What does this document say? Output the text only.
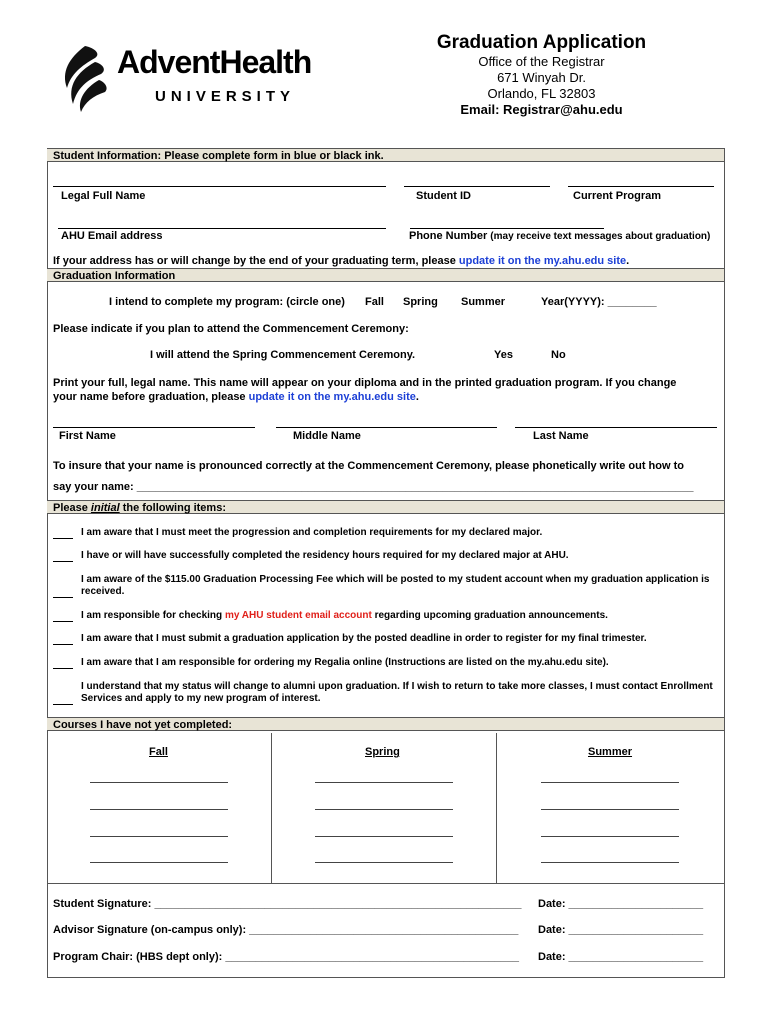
AdventHealth
UNIVERSITY
Graduation Application
Office of the Registrar
671 Winyah Dr.
Orlando, FL 32803
Email: Registrar@ahu.edu
Student Information: Please complete form in blue or black ink.
Legal Full Name	Student ID	Current Program
AHU Email address	Phone Number (may receive text messages about graduation)
If your address has or will change by the end of your graduating term, please update it on the my.ahu.edu site.
Graduation Information
I intend to complete my program: (circle one) Fall Spring Summer	Year(YYYY): ________
Please indicate if you plan to attend the Commencement Ceremony:
I will attend the Spring Commencement Ceremony.	Yes	No
Print your full, legal name. This name will appear on your diploma and in the printed graduation program. If you change
your name before graduation, please update it on the my.ahu.edu site.
First Name	Middle Name	Last Name
To insure that your name is pronounced correctly at the Commencement Ceremony, please phonetically write out how to
say your name: ___________________________________________________________________________________________
Please initial the following items:
I am aware that I must meet the progression and completion requirements for my declared major.
I have or will have successfully completed the residency hours required for my declared major at AHU.
I am aware of the $115.00 Graduation Processing Fee which will be posted to my student account when my graduation application is received.
I am responsible for checking my AHU student email account regarding upcoming graduation announcements.
I am aware that I must submit a graduation application by the posted deadline in order to register for my final trimester.
I am aware that I am responsible for ordering my Regalia online (Instructions are listed on the my.ahu.edu site).
I understand that my status will change to alumni upon graduation. If I wish to return to take more classes, I must contact Enrollment Services and apply to my new program of interest.
Courses I have not yet completed:
Fall	Spring	Summer
Student Signature: ____________________________________________________________	Date: ______________________
Advisor Signature (on-campus only): ____________________________________________	Date: ______________________
Program Chair: (HBS dept only): ________________________________________________	Date: ______________________
